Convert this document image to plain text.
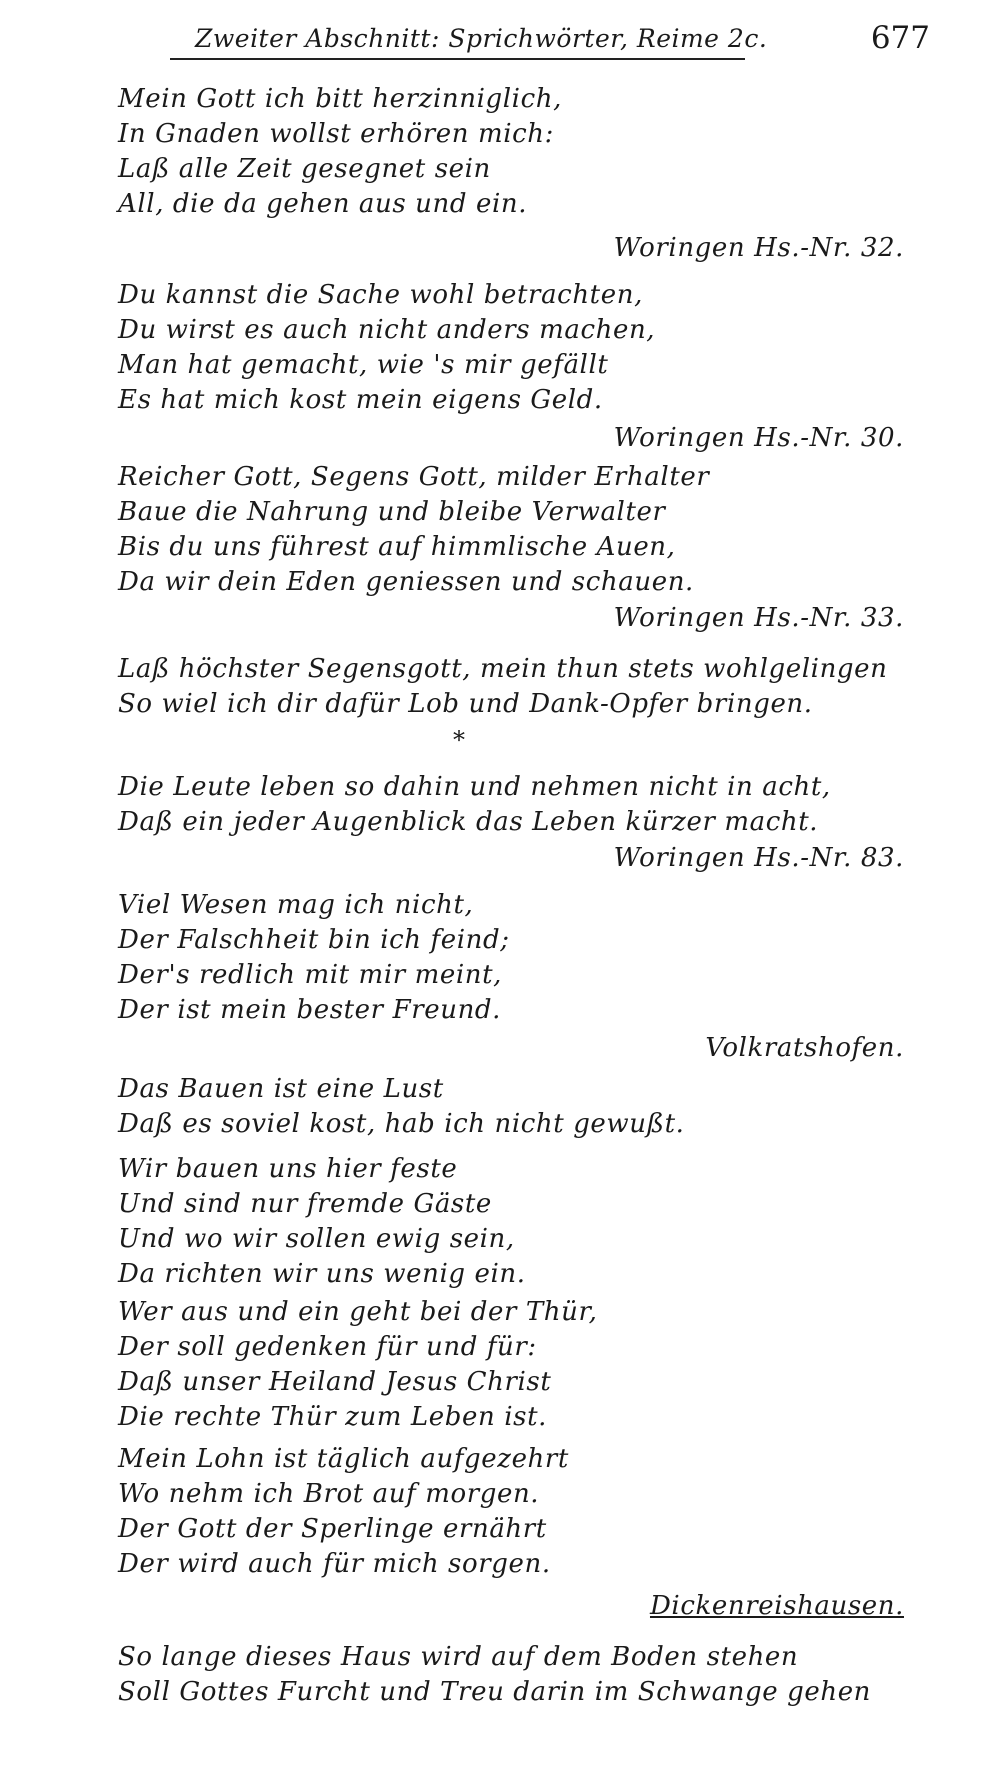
Zweiter Abschnitt: Sprichwörter, Reime 2c.	677
Mein Gott ich bitt herzinniglich,
In Gnaden wollst erhören mich:
Laß alle Zeit gesegnet sein
All, die da gehen aus und ein.
Woringen Hs.-Nr. 32.
Du kannst die Sache wohl betrachten,
Du wirst es auch nicht anders machen,
Man hat gemacht, wie 's mir gefällt
Es hat mich kost mein eigens Geld.
Woringen Hs.-Nr. 30.
Reicher Gott, Segens Gott, milder Erhalter
Baue die Nahrung und bleibe Verwalter
Bis du uns führest auf himmlische Auen,
Da wir dein Eden geniessen und schauen.
Woringen Hs.-Nr. 33.
Laß höchster Segensgott, mein thun stets wohlgelingen
So wiel ich dir dafür Lob und Dank-Opfer bringen.
*
Die Leute leben so dahin und nehmen nicht in acht,
Daß ein jeder Augenblick das Leben kürzer macht.
Woringen Hs.-Nr. 83.
Viel Wesen mag ich nicht,
Der Falschheit bin ich feind;
Der's redlich mit mir meint,
Der ist mein bester Freund.
Volkratshofen.
Das Bauen ist eine Lust
Daß es soviel kost, hab ich nicht gewußt.
Wir bauen uns hier feste
Und sind nur fremde Gäste
Und wo wir sollen ewig sein,
Da richten wir uns wenig ein.
Wer aus und ein geht bei der Thür,
Der soll gedenken für und für:
Daß unser Heiland Jesus Christ
Die rechte Thür zum Leben ist.
Mein Lohn ist täglich aufgezehrt
Wo nehm ich Brot auf morgen.
Der Gott der Sperlinge ernährt
Der wird auch für mich sorgen.
Dickenreishausen.
So lange dieses Haus wird auf dem Boden stehen
Soll Gottes Furcht und Treu darin im Schwange gehen
